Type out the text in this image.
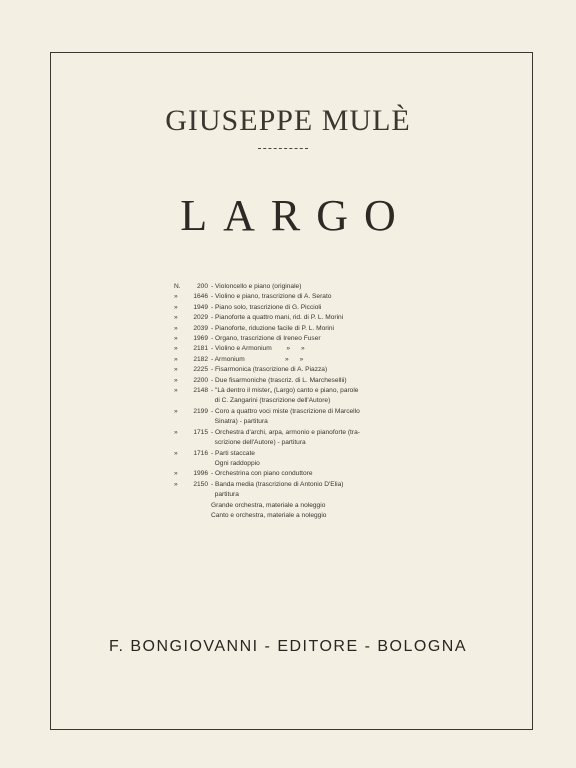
GIUSEPPE MULÈ
LARGO
N.	200 - Violoncello e piano (originale)
»	1646 - Violino e piano, trascrizione di A. Serato
»	1949 - Piano solo, trascrizione di G. Piccioli
»	2029 - Pianoforte a quattro mani, rid. di P. L. Morini
»	2039 - Pianoforte, riduzione facile di P. L. Morini
»	1969 - Organo, trascrizione di Ireneo Fuser
»	2181 - Violino e Armonium        »      »
»	2182 - Armonium                      »      »
»	2225 - Fisarmonica (trascrizione di A. Piazza)
»	2200 - Due fisarmoniche (trascriz. di L. Marchesellii)
»	2148 - "Là dentro il mister„ (Largo) canto e piano, parole
di C. Zangarini (trascrizione dell'Autore)
»	2199 - Coro a quattro voci miste (trascrizione di Marcello
Sinatra) - partitura
»	1715 - Orchestra d'archi, arpa, armonio e pianoforte (tra-
scrizione dell'Autore) - partitura
»	1716 - Parti staccate
Ogni raddoppio
»	1996 - Orchestrina con piano conduttore
»	2150 - Banda media (trascrizione di Antonio D'Elia)
partitura
Grande orchestra, materiale a noleggio
Canto e orchestra, materiale a noleggio
F. BONGIOVANNI - EDITORE - BOLOGNA
